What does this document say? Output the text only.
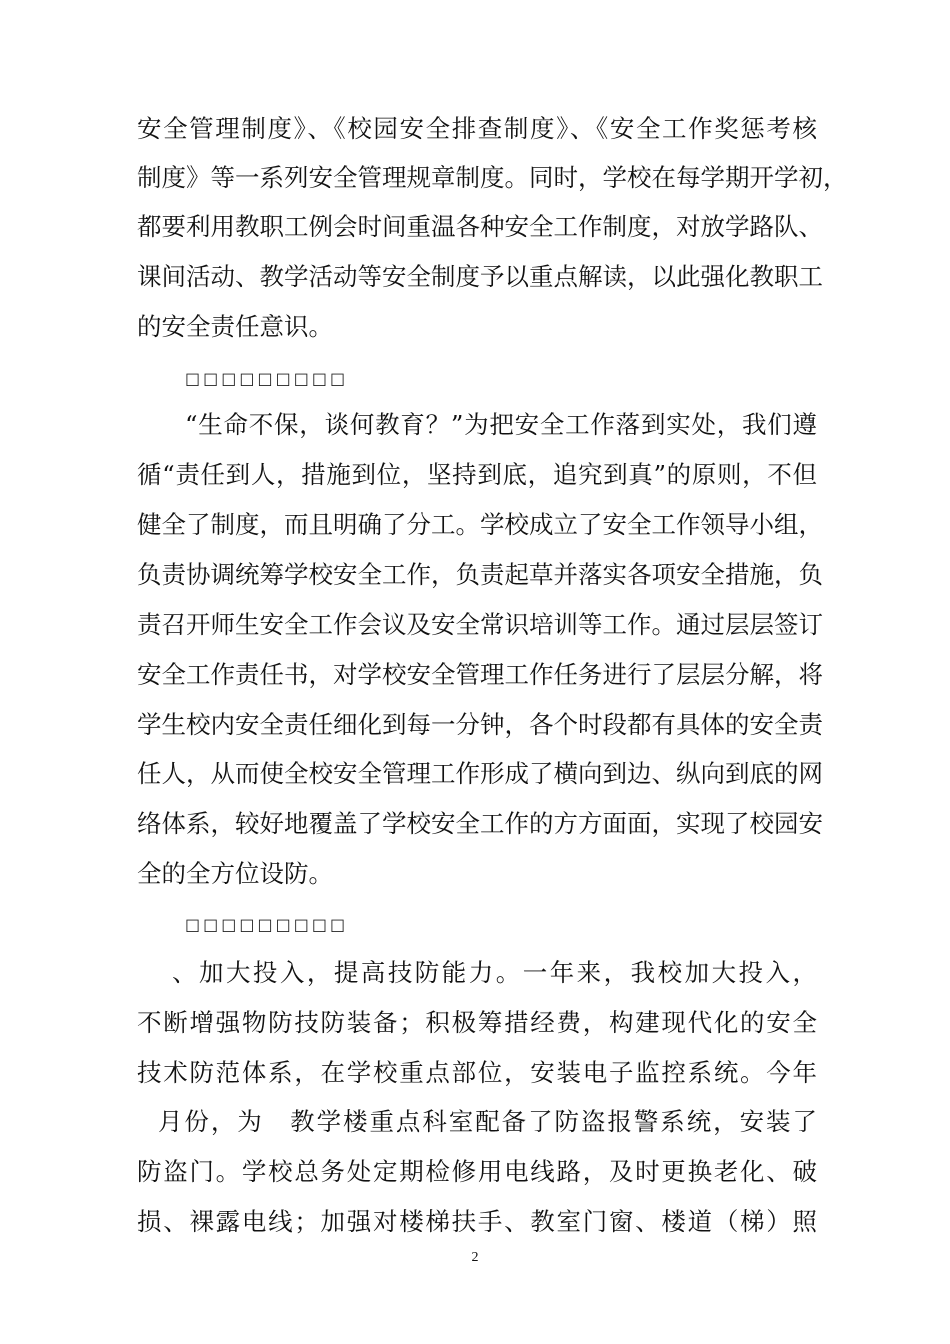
安全管理制度》、《校园安全排查制度》、《安全工作奖惩考核
制度》等一系列安全管理规章制度。同时，学校在每学期开学初，
都要利用教职工例会时间重温各种安全工作制度，对放学路队、
课间活动、教学活动等安全制度予以重点解读，以此强化教职工
的安全责任意识。
□□□□□□□□□
“生命不保，谈何教育？”为把安全工作落到实处，我们遵
循“责任到人，措施到位，坚持到底，追究到真”的原则，不但
健全了制度，而且明确了分工。学校成立了安全工作领导小组，
负责协调统筹学校安全工作，负责起草并落实各项安全措施，负
责召开师生安全工作会议及安全常识培训等工作。通过层层签订
安全工作责任书，对学校安全管理工作任务进行了层层分解，将
学生校内安全责任细化到每一分钟，各个时段都有具体的安全责
任人，从而使全校安全管理工作形成了横向到边、纵向到底的网
络体系，较好地覆盖了学校安全工作的方方面面，实现了校园安
全的全方位设防。
□□□□□□□□□
、加大投入，提高技防能力。一年来，我校加大投入，
不断增强物防技防装备；积极筹措经费，构建现代化的安全
技术防范体系，在学校重点部位，安装电子监控系统。今年
月份，为　教学楼重点科室配备了防盗报警系统，安装了
防盗门。学校总务处定期检修用电线路，及时更换老化、破
损、裸露电线；加强对楼梯扶手、教室门窗、楼道（梯）照
2
